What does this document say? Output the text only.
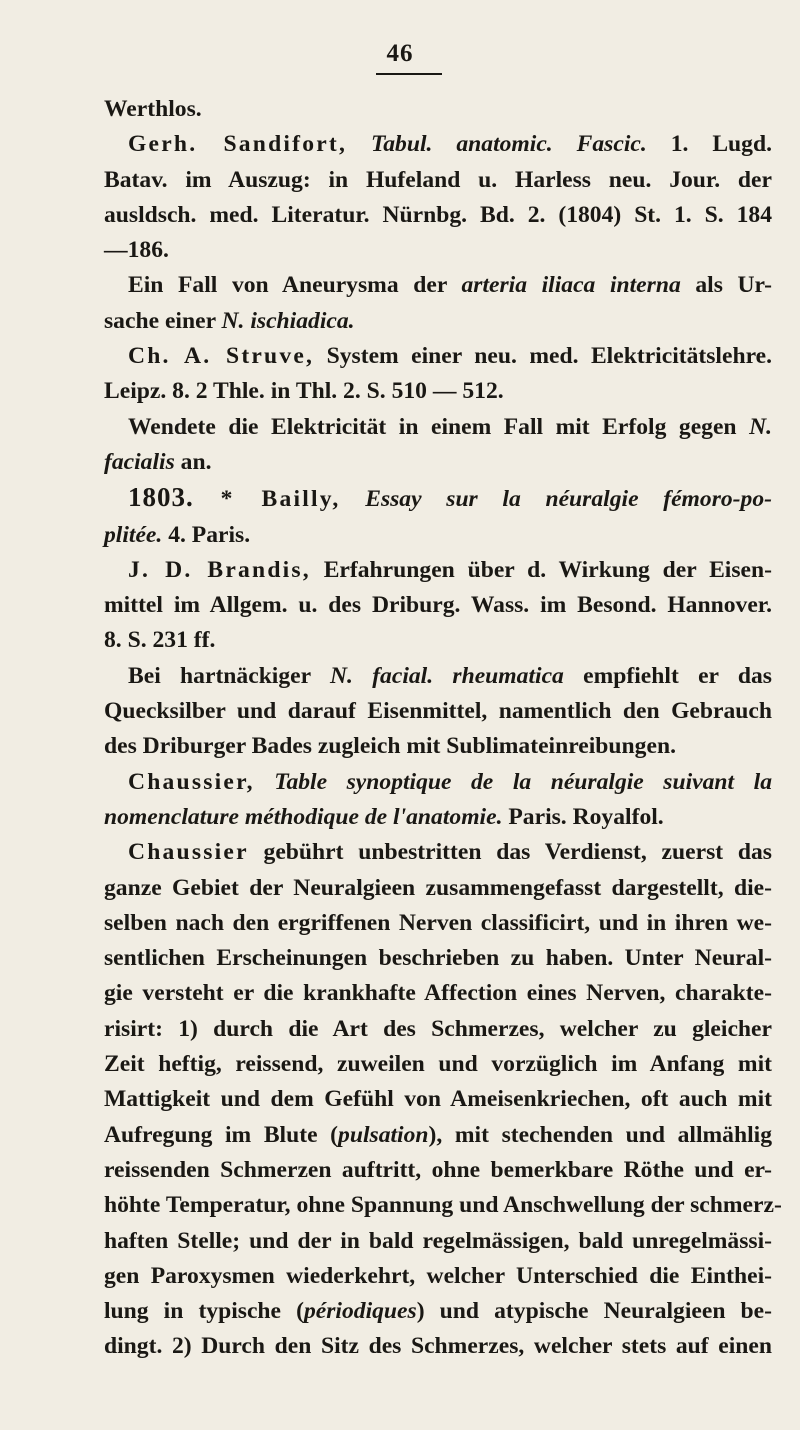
46
Werthlos.
Gerh. Sandifort, Tabul. anatomic. Fascic. 1. Lugd.
Batav. im Auszug: in Hufeland u. Harless neu. Jour. der
ausldsch. med. Literatur. Nürnbg. Bd. 2. (1804) St. 1. S. 184
—186.
Ein Fall von Aneurysma der arteria iliaca interna als Ur-
sache einer N. ischiadica.
Ch. A. Struve, System einer neu. med. Elektricitätslehre.
Leipz. 8. 2 Thle. in Thl. 2. S. 510 — 512.
Wendete die Elektricität in einem Fall mit Erfolg gegen N.
facialis an.
1803. * Bailly, Essay sur la néuralgie fémoro-po-
plitée. 4. Paris.
J. D. Brandis, Erfahrungen über d. Wirkung der Eisen-
mittel im Allgem. u. des Driburg. Wass. im Besond. Hannover.
8. S. 231 ff.
Bei hartnäckiger N. facial. rheumatica empfiehlt er das
Quecksilber und darauf Eisenmittel, namentlich den Gebrauch
des Driburger Bades zugleich mit Sublimateinreibungen.
Chaussier, Table synoptique de la néuralgie suivant la
nomenclature méthodique de l'anatomie. Paris. Royalfol.
Chaussier gebührt unbestritten das Verdienst, zuerst das
ganze Gebiet der Neuralgieen zusammengefasst dargestellt, die-
selben nach den ergriffenen Nerven classificirt, und in ihren we-
sentlichen Erscheinungen beschrieben zu haben. Unter Neural-
gie versteht er die krankhafte Affection eines Nerven, charakte-
risirt: 1) durch die Art des Schmerzes, welcher zu gleicher
Zeit heftig, reissend, zuweilen und vorzüglich im Anfang mit
Mattigkeit und dem Gefühl von Ameisenkriechen, oft auch mit
Aufregung im Blute (pulsation), mit stechenden und allmählig
reissenden Schmerzen auftritt, ohne bemerkbare Röthe und er-
höhte Temperatur, ohne Spannung und Anschwellung der schmerz-
haften Stelle; und der in bald regelmässigen, bald unregelmässi-
gen Paroxysmen wiederkehrt, welcher Unterschied die Einthei-
lung in typische (périodiques) und atypische Neuralgieen be-
dingt. 2) Durch den Sitz des Schmerzes, welcher stets auf einen
